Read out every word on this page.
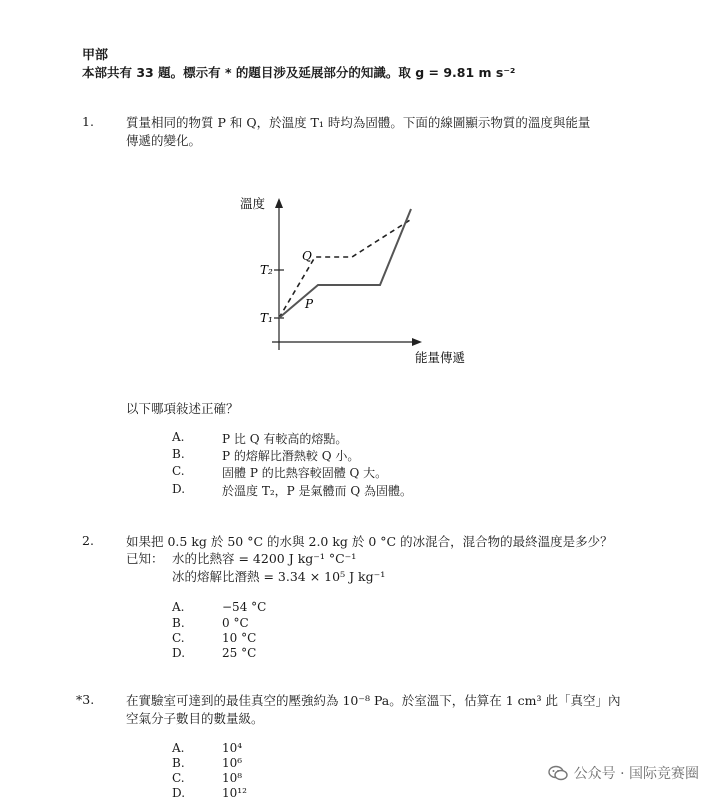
甲部
本部共有 33 題。標示有 * 的題目涉及延展部分的知識。取 g = 9.81 m s⁻²
1.	質量相同的物質 P 和 Q，於溫度 T₁ 時均為固體。下面的線圖顯示物質的溫度與能量
傳遞的變化。
溫度
能量傳遞
T₂
T₁
Q
P
以下哪項敍述正確？
A.	P 比 Q 有較高的熔點。
B.	P 的熔解比潛熱較 Q 小。
C.	固體 P 的比熱容較固體 Q 大。
D.	於溫度 T₂，P 是氣體而 Q 為固體。
2.	如果把 0.5 kg 於 50 °C 的水與 2.0 kg 於 0 °C 的冰混合，混合物的最終溫度是多少？
已知： 水的比熱容 = 4200 J kg⁻¹ °C⁻¹
冰的熔解比潛熱 = 3.34 × 10⁵ J kg⁻¹
A.	−54 °C
B.	0 °C
C.	10 °C
D.	25 °C
*3.	在實驗室可達到的最佳真空的壓強約為 10⁻⁸ Pa。於室溫下，估算在 1 cm³ 此「真空」內
空氣分子數目的數量級。
A.	10⁴
B.	10⁶
C.	10⁸
D.	10¹²
公众号 · 国际竞赛圈
